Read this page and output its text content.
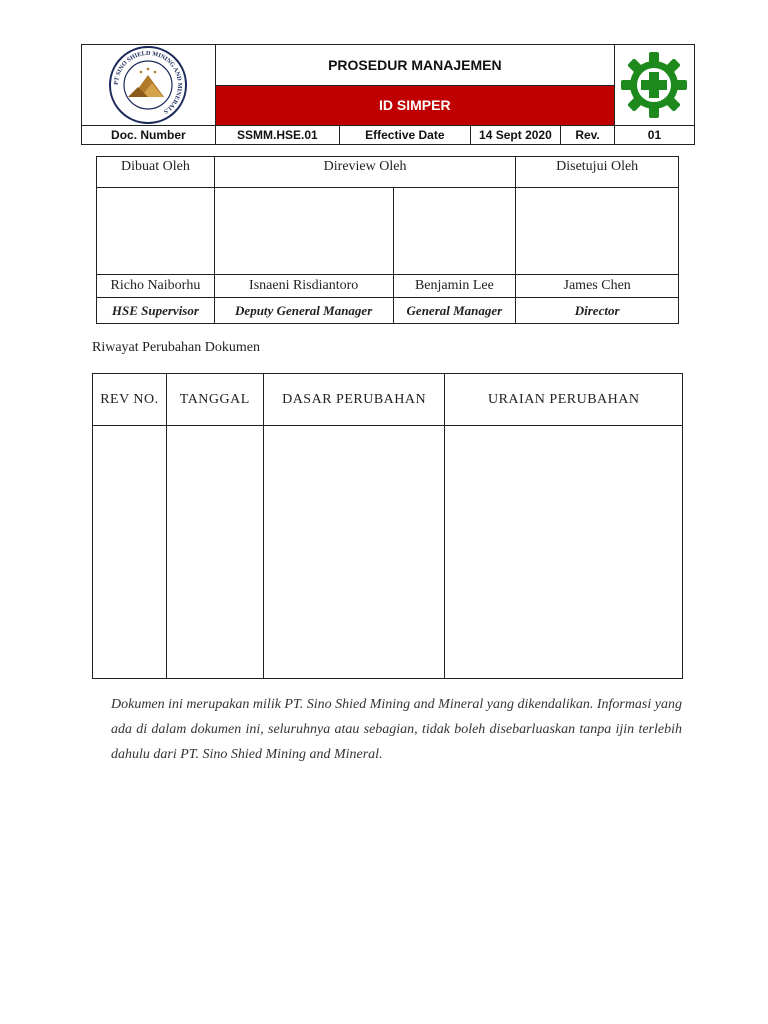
PT SINO SHIELD MINING AND MINERALS	PROSEDUR MANAJEMEN	

	ID SIMPER				
Doc. Number	SSMM.HSE.01	Effective Date	14 Sept 2020	Rev.	01
Dibuat Oleh	Direview Oleh		Disetujui Oleh

Richo Naiborhu	Isnaeni Risdiantoro	Benjamin Lee	James Chen
HSE Supervisor	Deputy General Manager	General Manager	Director
Riwayat Perubahan Dokumen
REV NO.	TANGGAL	DASAR PERUBAHAN	URAIAN PERUBAHAN

Dokumen ini merupakan milik PT. Sino Shied Mining and Mineral yang dikendalikan. Informasi yang ada di dalam dokumen ini, seluruhnya atau sebagian, tidak boleh disebarluaskan tanpa ijin terlebih dahulu dari PT. Sino Shied Mining and Mineral.
